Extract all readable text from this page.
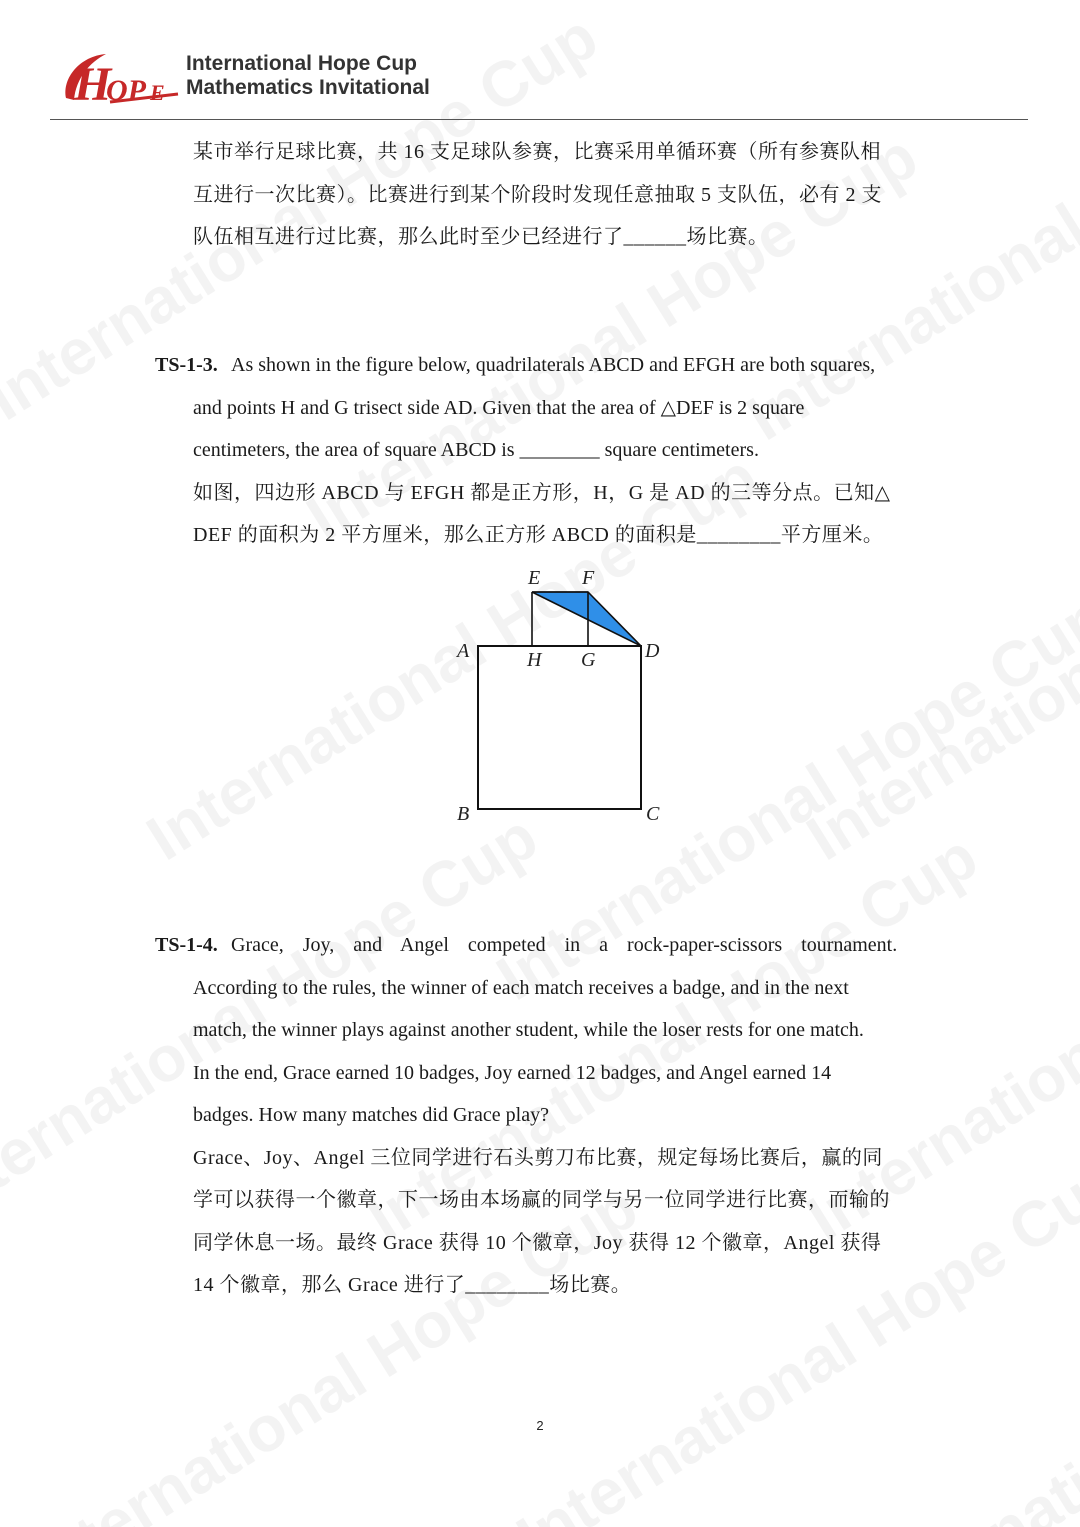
H
OP E
International Hope Cup
Mathematics Invitational
某市举行足球比赛，共 16 支足球队参赛，比赛采用单循环赛（所有参赛队相
互进行一次比赛）。比赛进行到某个阶段时发现任意抽取 5 支队伍，必有 2 支
队伍相互进行过比赛，那么此时至少已经进行了______场比赛。
TS-1-3. As shown in the figure below, quadrilaterals ABCD and EFGH are both squares,
and points H and G trisect side AD. Given that the area of △DEF is 2 square
centimeters, the area of square ABCD is ________ square centimeters.
如图，四边形 ABCD 与 EFGH 都是正方形，H，G 是 AD 的三等分点。已知△
DEF 的面积为 2 平方厘米，那么正方形 ABCD 的面积是________平方厘米。
E F
A	H G D
B	C
TS-1-4. Grace, Joy, and Angel competed in a rock-paper-scissors tournament.
According to the rules, the winner of each match receives a badge, and in the next
match, the winner plays against another student, while the loser rests for one match.
In the end, Grace earned 10 badges, Joy earned 12 badges, and Angel earned 14
badges. How many matches did Grace play?
Grace、Joy、Angel 三位同学进行石头剪刀布比赛，规定每场比赛后，赢的同
学可以获得一个徽章，下一场由本场赢的同学与另一位同学进行比赛，而输的
同学休息一场。最终 Grace 获得 10 个徽章，Joy 获得 12 个徽章，Angel 获得
14 个徽章，那么 Grace 进行了________场比赛。
2
